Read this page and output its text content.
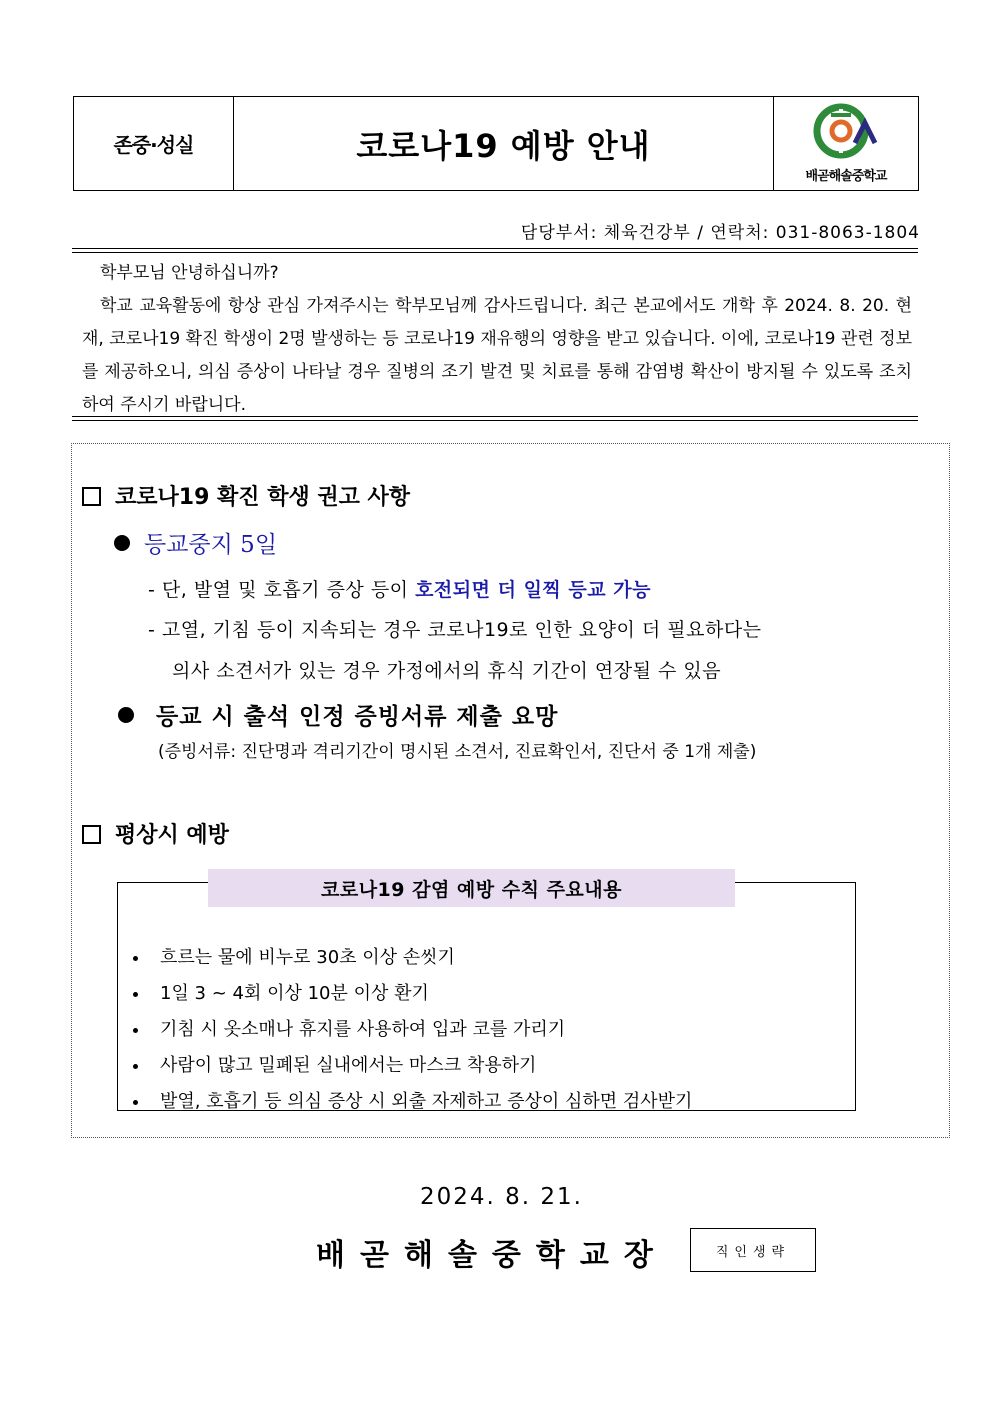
존중·성실	코로나19 예방 안내
배곧해솔중학교
담당부서: 체육건강부 / 연락처: 031-8063-1804

학부모님 안녕하십니까?

학교 교육활동에 항상 관심 가져주시는 학부모님께 감사드립니다. 최근 본교에서도 개학 후 2024. 8. 20. 현재, 코로나19 확진 학생이 2명 발생하는 등 코로나19 재유행의 영향을 받고 있습니다. 이에, 코로나19 관련 정보를 제공하오니, 의심 증상이 나타날 경우 질병의 조기 발견 및 치료를 통해 감염병 확산이 방지될 수 있도록 조치하여 주시기 바랍니다.

코로나19 확진 학생 권고 사항
등교중지 5일
- 단, 발열 및 호흡기 증상 등이 호전되면 더 일찍 등교 가능
- 고열, 기침 등이 지속되는 경우 코로나19로 인한 요양이 더 필요하다는
의사 소견서가 있는 경우 가정에서의 휴식 기간이 연장될 수 있음
등교 시 출석 인정 증빙서류 제출 요망
(증빙서류: 진단명과 격리기간이 명시된 소견서, 진료확인서, 진단서 중 1개 제출)
평상시 예방
코로나19 감염 예방 수칙 주요내용
흐르는 물에 비누로 30초 이상 손씻기
1일 3 ~ 4회 이상 10분 이상 환기
기침 시 옷소매나 휴지를 사용하여 입과 코를 가리기
사람이 많고 밀폐된 실내에서는 마스크 착용하기
발열, 호흡기 등 의심 증상 시 외출 자제하고 증상이 심하면 검사받기
2024. 8. 21.
배곧해솔중학교장	직인생략
